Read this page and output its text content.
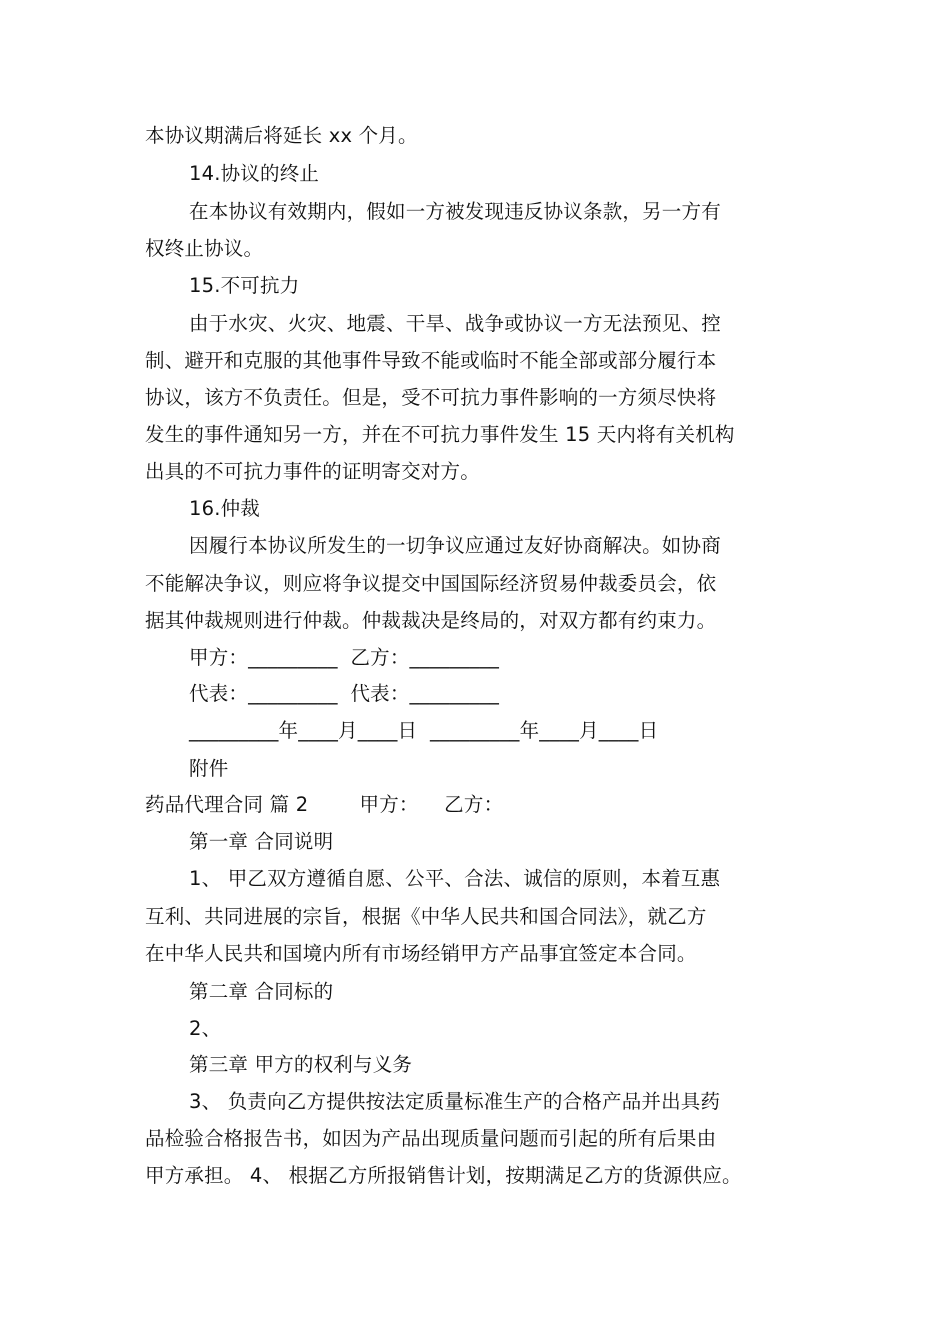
本协议期满后将延长 xx 个月。
14.协议的终止
在本协议有效期内，假如一方被发现违反协议条款，另一方有
权终止协议。
15.不可抗力
由于水灾、火灾、地震、干旱、战争或协议一方无法预见、控
制、避开和克服的其他事件导致不能或临时不能全部或部分履行本
协议，该方不负责任。但是，受不可抗力事件影响的一方须尽快将
发生的事件通知另一方，并在不可抗力事件发生 15 天内将有关机构
出具的不可抗力事件的证明寄交对方。
16.仲裁
因履行本协议所发生的一切争议应通过友好协商解决。如协商
不能解决争议，则应将争议提交中国国际经济贸易仲裁委员会，依
据其仲裁规则进行仲裁。仲裁裁决是终局的，对双方都有约束力。
甲方：_________  乙方：_________
代表：_________  代表：_________
_________年____月____日  _________年____月____日
附件
药品代理合同 篇 2        甲方：    乙方：
第一章 合同说明
1、 甲乙双方遵循自愿、公平、合法、诚信的原则，本着互惠
互利、共同进展的宗旨，根据《中华人民共和国合同法》，就乙方
在中华人民共和国境内所有市场经销甲方产品事宜签定本合同。
第二章 合同标的
2、
第三章 甲方的权利与义务
3、 负责向乙方提供按法定质量标准生产的合格产品并出具药
品检验合格报告书，如因为产品出现质量问题而引起的所有后果由
甲方承担。 4、 根据乙方所报销售计划，按期满足乙方的货源供应。
